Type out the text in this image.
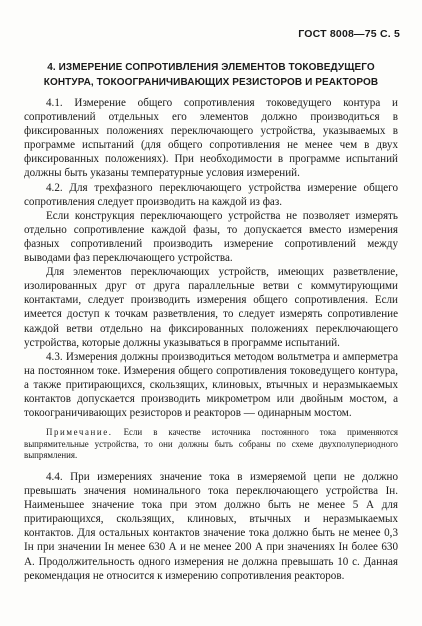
ГОСТ 8008—75 С. 5
4. ИЗМЕРЕНИЕ СОПРОТИВЛЕНИЯ ЭЛЕМЕНТОВ ТОКОВЕДУЩЕГО
КОНТУРА, ТОКООГРАНИЧИВАЮЩИХ РЕЗИСТОРОВ И РЕАКТОРОВ

4.1. Измерение общего сопротивления токоведущего контура и сопротивлений отдельных его элементов должно производиться в фиксированных положениях переключающего устройства, указываемых в программе испытаний (для общего сопротивления не менее чем в двух фиксированных положениях). При необходимости в программе испытаний должны быть указаны температурные условия измерений.

4.2. Для трехфазного переключающего устройства измерение общего сопротивления следует производить на каждой из фаз.

Если конструкция переключающего устройства не позволяет измерять отдельно сопротивление каждой фазы, то допускается вместо измерения фазных сопротивлений производить измерение сопротивлений между выводами фаз переключающего устройства.

Для элементов переключающих устройств, имеющих разветвление, изолированных друг от друга параллельные ветви с коммутирующими контактами, следует производить измерения общего сопротивления. Если имеется доступ к точкам разветвления, то следует измерять сопротивление каждой ветви отдельно на фиксированных положениях переключающего устройства, которые должны указываться в программе испытаний.

4.3. Измерения должны производиться методом вольтметра и амперметра на постоянном токе. Измерения общего сопротивления токоведущего контура, а также притирающихся, скользящих, клиновых, втычных и неразмыкаемых контактов допускается производить микрометром или двойным мостом, а токоограничивающих резисторов и реакторов — одинарным мостом.

Примечание. Если в качестве источника постоянного тока применяются выпрямительные устройства, то они должны быть собраны по схеме двухполупериодного выпрямления.

4.4. При измерениях значение тока в измеряемой цепи не должно превышать значения номинального тока переключающего устройства Iн. Наименьшее значение тока при этом должно быть не менее 5 А для притирающихся, скользящих, клиновых, втычных и неразмыкаемых контактов. Для остальных контактов значение тока должно быть не менее 0,3 Iн при значении Iн менее 630 А и не менее 200 А при значениях Iн более 630 А. Продолжительность одного измерения не должна превышать 10 с. Данная рекомендация не относится к измерению сопротивления реакторов.
